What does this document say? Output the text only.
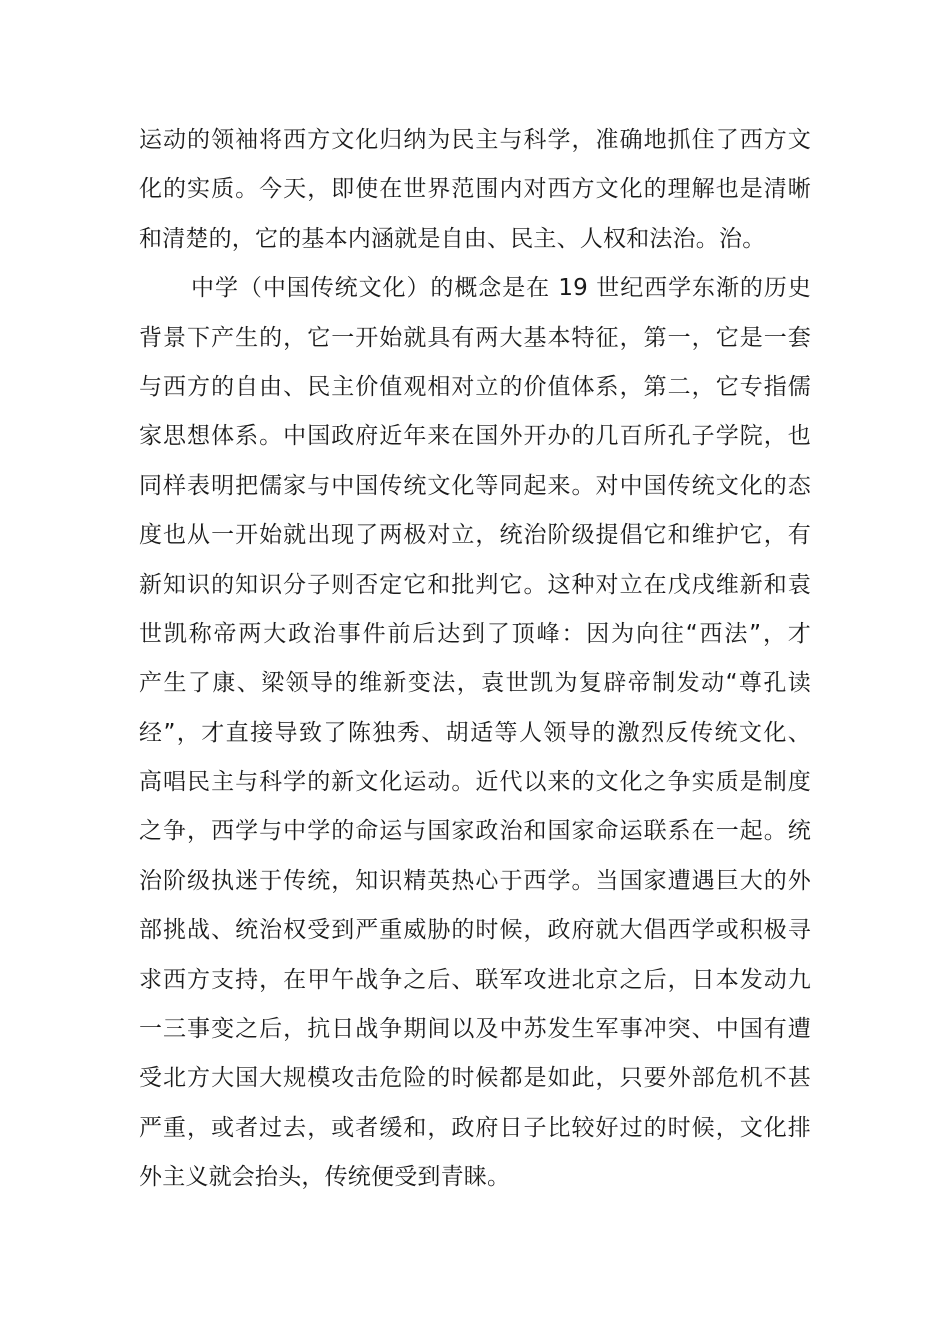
运动的领袖将西方文化归纳为民主与科学，准确地抓住了西方文
化的实质。今天，即使在世界范围内对西方文化的理解也是清晰
和清楚的，它的基本内涵就是自由、民主、人权和法治。治。
中学（中国传统文化）的概念是在 19 世纪西学东渐的历史
背景下产生的，它一开始就具有两大基本特征，第一，它是一套
与西方的自由、民主价值观相对立的价值体系，第二，它专指儒
家思想体系。中国政府近年来在国外开办的几百所孔子学院，也
同样表明把儒家与中国传统文化等同起来。对中国传统文化的态
度也从一开始就出现了两极对立，统治阶级提倡它和维护它，有
新知识的知识分子则否定它和批判它。这种对立在戊戌维新和袁
世凯称帝两大政治事件前后达到了顶峰：因为向往“西法”，才
产生了康、梁领导的维新变法，袁世凯为复辟帝制发动“尊孔读
经”，才直接导致了陈独秀、胡适等人领导的激烈反传统文化、
高唱民主与科学的新文化运动。近代以来的文化之争实质是制度
之争，西学与中学的命运与国家政治和国家命运联系在一起。统
治阶级执迷于传统，知识精英热心于西学。当国家遭遇巨大的外
部挑战、统治权受到严重威胁的时候，政府就大倡西学或积极寻
求西方支持，在甲午战争之后、联军攻进北京之后，日本发动九
一三事变之后，抗日战争期间以及中苏发生军事冲突、中国有遭
受北方大国大规模攻击危险的时候都是如此，只要外部危机不甚
严重，或者过去，或者缓和，政府日子比较好过的时候，文化排
外主义就会抬头，传统便受到青睐。
